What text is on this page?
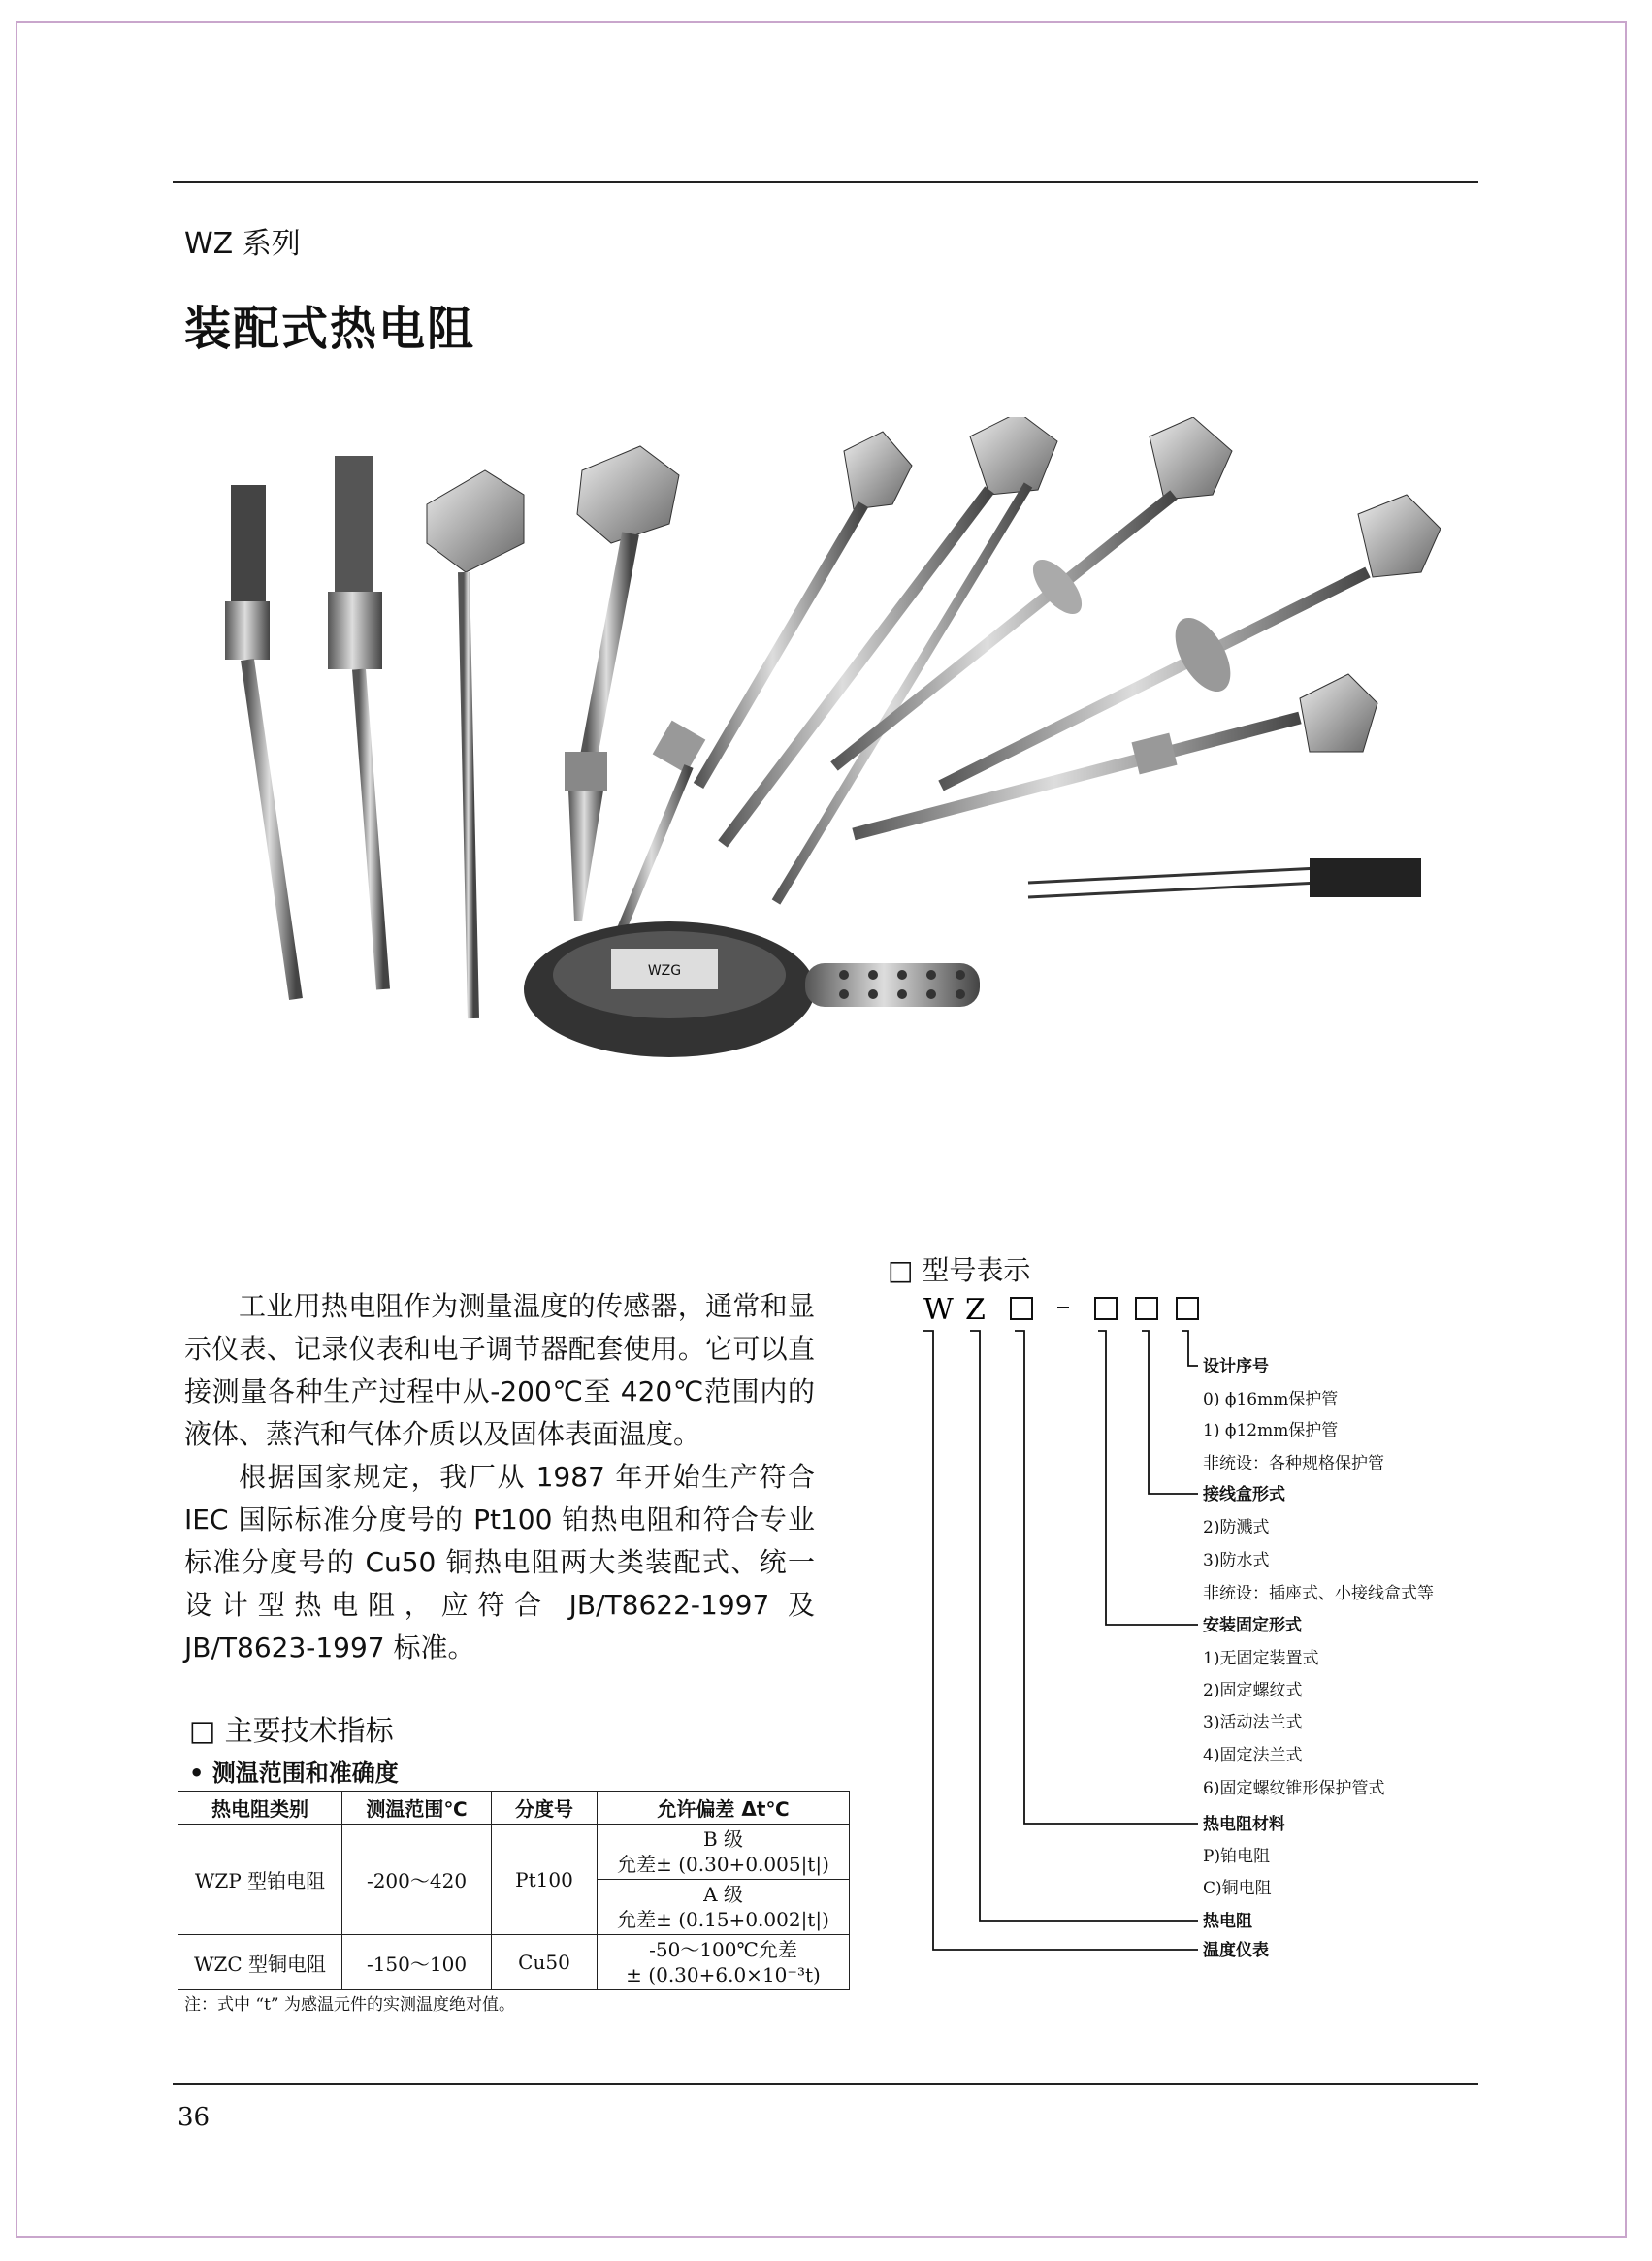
WZ 系列
装配式热电阻
WZG

工业用热电阻作为测量温度的传感器，通常和显示仪表、记录仪表和电子调节器配套使用。它可以直接测量各种生产过程中从-200℃至 420℃范围内的液体、蒸汽和气体介质以及固体表面温度。

根据国家规定，我厂从 1987 年开始生产符合 IEC 国际标准分度号的 Pt100 铂热电阻和符合专业标准分度号的 Cu50 铜热电阻两大类装配式、统一设计型热电阻，应符合 JB/T8622-1997 及 JB/T8623-1997 标准。

□ 主要技术指标
• 测温范围和准确度
热电阻类别	测温范围℃	分度号	允许偏差 Δt℃
WZP 型铂电阻	-200～420	Pt100	B 级
允差± (0.30+0.005|t|)

			A 级
允差± (0.15+0.002|t|)

WZC 型铜电阻	-150～100	Cu50	-50～100℃允差
± (0.30+6.0×10⁻³t)
注：式中 “t” 为感温元件的实测温度绝对值。
□ 型号表示
W Z
设计序号
0) ϕ16mm保护管
1) ϕ12mm保护管
非统设：各种规格保护管
接线盒形式
2)防溅式
3)防水式
非统设：插座式、小接线盒式等
安装固定形式
1)无固定装置式
2)固定螺纹式
3)活动法兰式
4)固定法兰式
6)固定螺纹锥形保护管式
热电阻材料
P)铂电阻
C)铜电阻
热电阻
温度仪表
36
